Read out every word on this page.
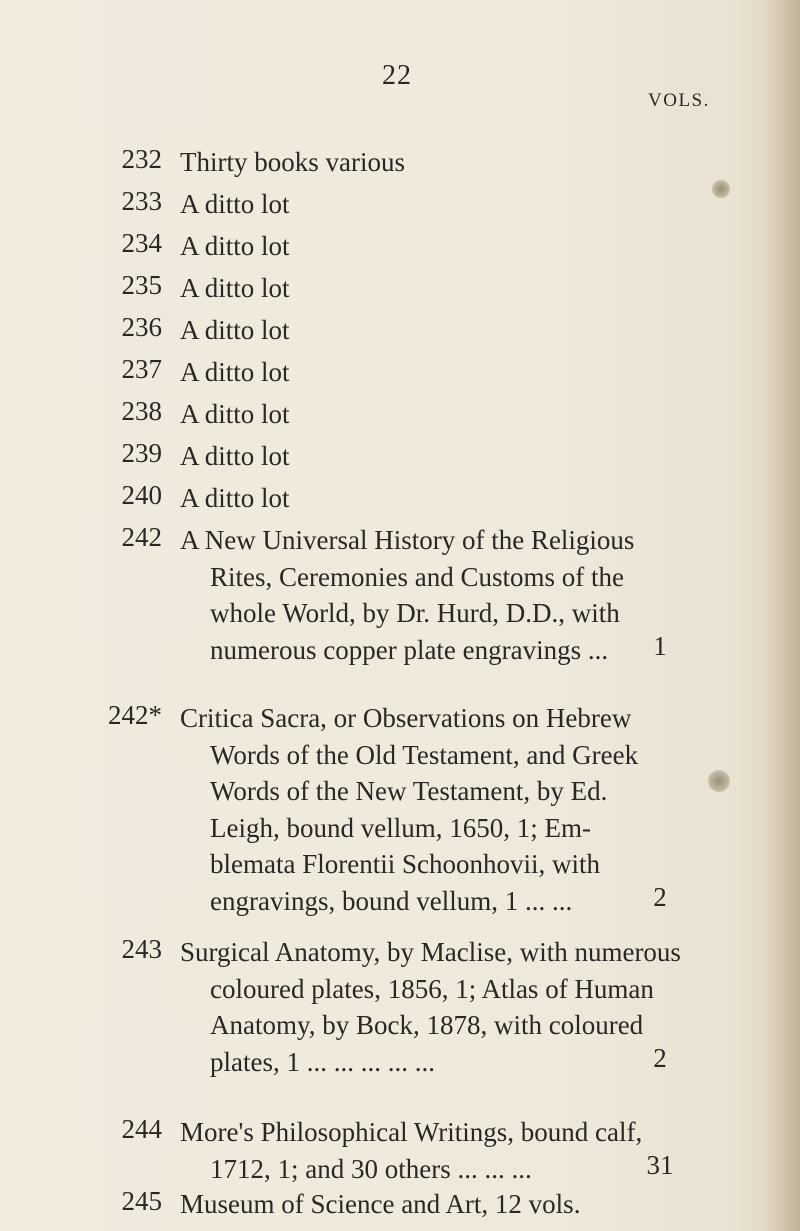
22
VOLS.
232 Thirty books various
233 A ditto lot
234 A ditto lot
235 A ditto lot
236 A ditto lot
237 A ditto lot
238 A ditto lot
239 A ditto lot
240 A ditto lot
242 A New Universal History of the Religious
Rites, Ceremonies and Customs of the
whole World, by Dr. Hurd, D.D., with
numerous copper plate engravings ...	1
242* Critica Sacra, or Observations on Hebrew
Words of the Old Testament, and Greek
Words of the New Testament, by Ed.
Leigh, bound vellum, 1650, 1; Em-
blemata Florentii Schoonhovii, with
engravings, bound vellum, 1 ... ...	2
243 Surgical Anatomy, by Maclise, with numerous
coloured plates, 1856, 1; Atlas of Human
Anatomy, by Bock, 1878, with coloured
plates, 1 ... ... ... ... ...	2
244 More's Philosophical Writings, bound calf,
1712, 1; and 30 others ... ... ...	31
245 Museum of Science and Art, 12 vols.
